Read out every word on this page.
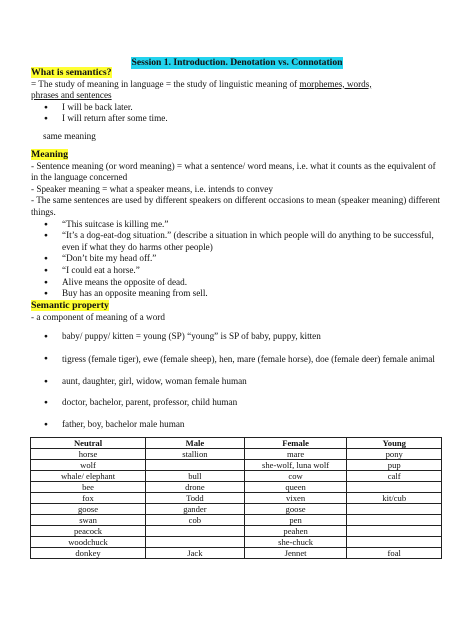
Session 1. Introduction. Denotation vs. Connotation
What is semantics?
= The study of meaning in language = the study of linguistic meaning of morphemes, words,
phrases and sentences
● I will be back later.
● I will return after some time.
same meaning
Meaning
- Sentence meaning (or word meaning) = what a sentence/ word means, i.e. what it counts as the equivalent of in the language concerned
- Speaker meaning = what a speaker means, i.e. intends to convey
- The same sentences are used by different speakers on different occasions to mean (speaker meaning) different things.
● “This suitcase is killing me.”
● “It’s a dog-eat-dog situation.” (describe a situation in which people will do anything to be successful, even if what they do harms other people)
● “Don’t bite my head off.”
● “I could eat a horse.”
● Alive means the opposite of dead.
● Buy has an opposite meaning from sell.
Semantic property
- a component of meaning of a word
● baby/ puppy/ kitten = young (SP) “young” is SP of baby, puppy, kitten
● tigress (female tiger), ewe (female sheep), hen, mare (female horse), doe (female deer) female animal
● aunt, daughter, girl, widow, woman female human
● doctor, bachelor, parent, professor, child human
● father, boy, bachelor male human
Neutral	Male	Female	Young
horse	stallion	mare	pony
wolf		she-wolf, luna wolf	pup
whale/ elephant	bull	cow	calf
bee	drone	queen	
fox	Todd	vixen	kit/cub
goose	gander	goose	
swan	cob	pen	
peacock		peahen	
woodchuck		she-chuck	
donkey	Jack	Jennet	foal
